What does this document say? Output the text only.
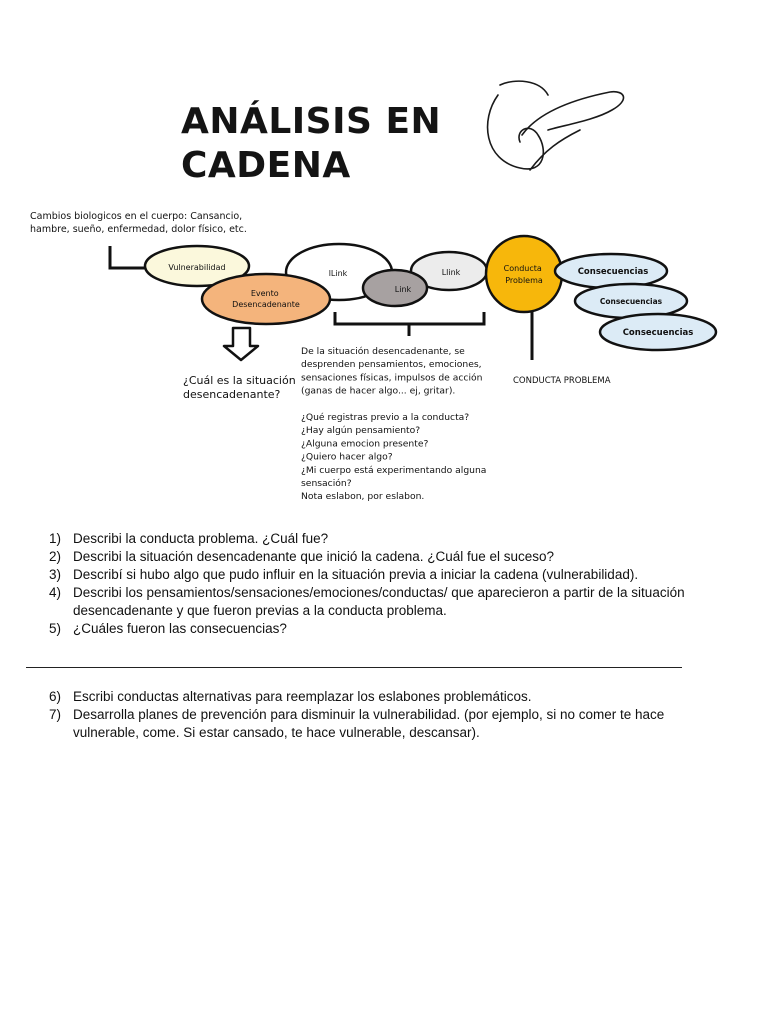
ANÁLISIS EN
CADENA
Cambios biologicos en el cuerpo: Cansancio, hambre, sueño, enfermedad, dolor físico, etc.
Vulnerabilidad
Evento Desencadenante
lLink
Link
Llink	Conducta Problema
Consecuencias
Consecuencias
Consecuencias
¿Cuál es la situación desencadenante?
De la situación desencadenante, se desprenden pensamientos, emociones, sensaciones físicas, impulsos de acción (ganas de hacer algo... ej, gritar). ¿Qué registras previo a la conducta? ¿Hay algún pensamiento? ¿Alguna emocion presente? ¿Quiero hacer algo? ¿Mi cuerpo está experimentando alguna sensación? Nota eslabon, por eslabon.
CONDUCTA PROBLEMA
1) Describi la conducta problema. ¿Cuál fue?
2) Describi la situación desencadenante que inició la cadena. ¿Cuál fue el suceso?
3) Describí si hubo algo que pudo influir en la situación previa a iniciar la cadena (vulnerabilidad).
4) Describi los pensamientos/sensaciones/emociones/conductas/ que aparecieron a partir de la situación desencadenante y que fueron previas a la conducta problema.
5) ¿Cuáles fueron las consecuencias?
6) Escribi conductas alternativas para reemplazar los eslabones problemáticos.
7) Desarrolla planes de prevención para disminuir la vulnerabilidad. (por ejemplo, si no comer te hace vulnerable, come. Si estar cansado, te hace vulnerable, descansar).
